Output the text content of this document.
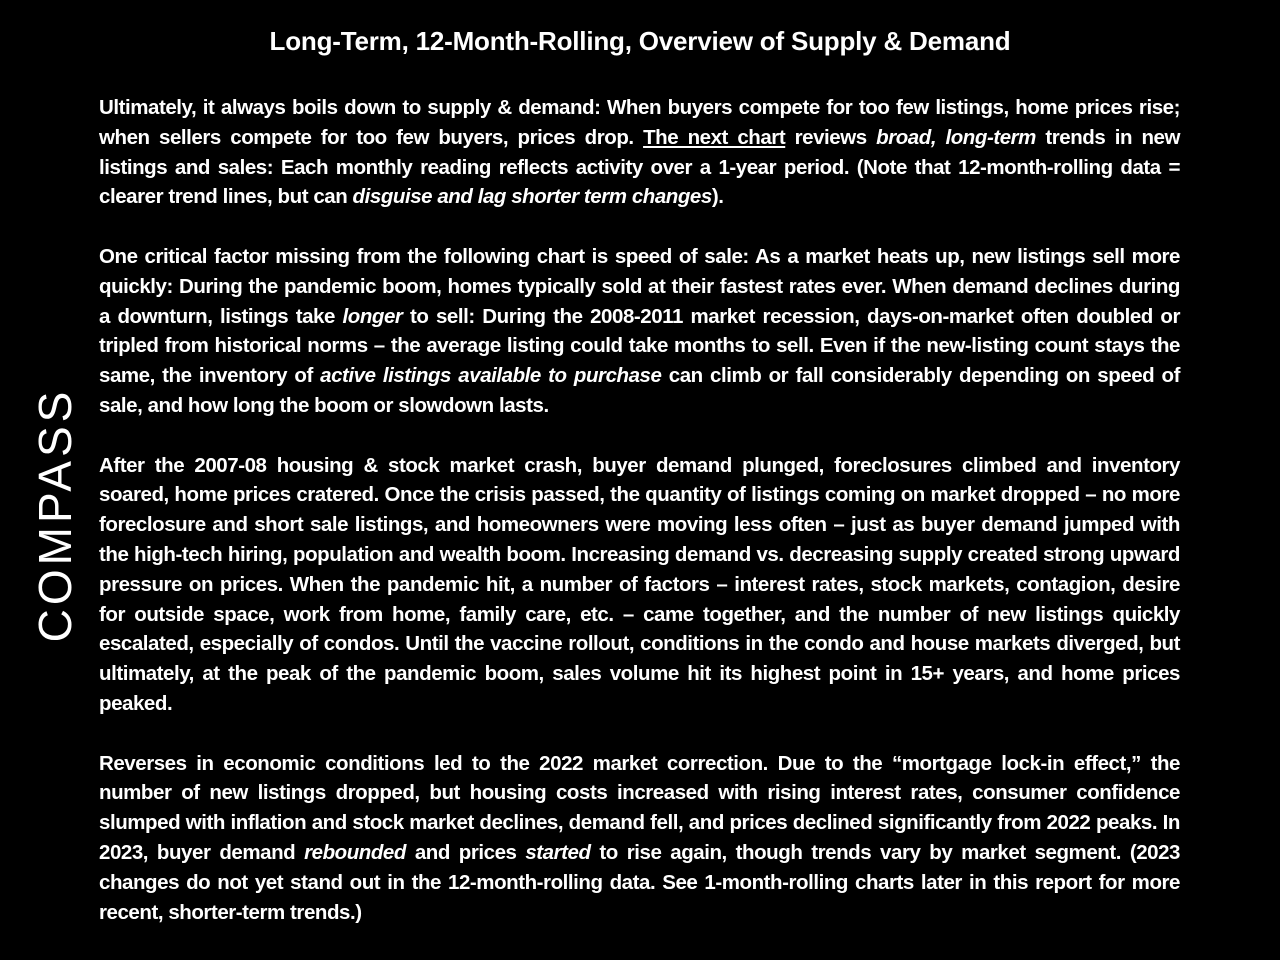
Long-Term, 12-Month-Rolling, Overview of Supply & Demand
COMPASS

Ultimately, it always boils down to supply & demand: When buyers compete for too few listings, home prices rise; when sellers compete for too few buyers, prices drop. The next chart reviews broad, long-term trends in new listings and sales: Each monthly reading reflects activity over a 1-year period. (Note that 12-month-rolling data = clearer trend lines, but can disguise and lag shorter term changes).

One critical factor missing from the following chart is speed of sale: As a market heats up, new listings sell more quickly: During the pandemic boom, homes typically sold at their fastest rates ever. When demand declines during a downturn, listings take longer to sell: During the 2008-2011 market recession, days-on-market often doubled or tripled from historical norms – the average listing could take months to sell. Even if the new-listing count stays the same, the inventory of active listings available to purchase can climb or fall considerably depending on speed of sale, and how long the boom or slowdown lasts.

After the 2007-08 housing & stock market crash, buyer demand plunged, foreclosures climbed and inventory soared, home prices cratered. Once the crisis passed, the quantity of listings coming on market dropped – no more foreclosure and short sale listings, and homeowners were moving less often – just as buyer demand jumped with the high-tech hiring, population and wealth boom. Increasing demand vs. decreasing supply created strong upward pressure on prices. When the pandemic hit, a number of factors – interest rates, stock markets, contagion, desire for outside space, work from home, family care, etc. – came together, and the number of new listings quickly escalated, especially of condos. Until the vaccine rollout, conditions in the condo and house markets diverged, but ultimately, at the peak of the pandemic boom, sales volume hit its highest point in 15+ years, and home prices peaked.

Reverses in economic conditions led to the 2022 market correction. Due to the “mortgage lock-in effect,” the number of new listings dropped, but housing costs increased with rising interest rates, consumer confidence slumped with inflation and stock market declines, demand fell, and prices declined significantly from 2022 peaks. In 2023, buyer demand rebounded and prices started to rise again, though trends vary by market segment. (2023 changes do not yet stand out in the 12-month-rolling data. See 1-month-rolling charts later in this report for more recent, shorter-term trends.)
